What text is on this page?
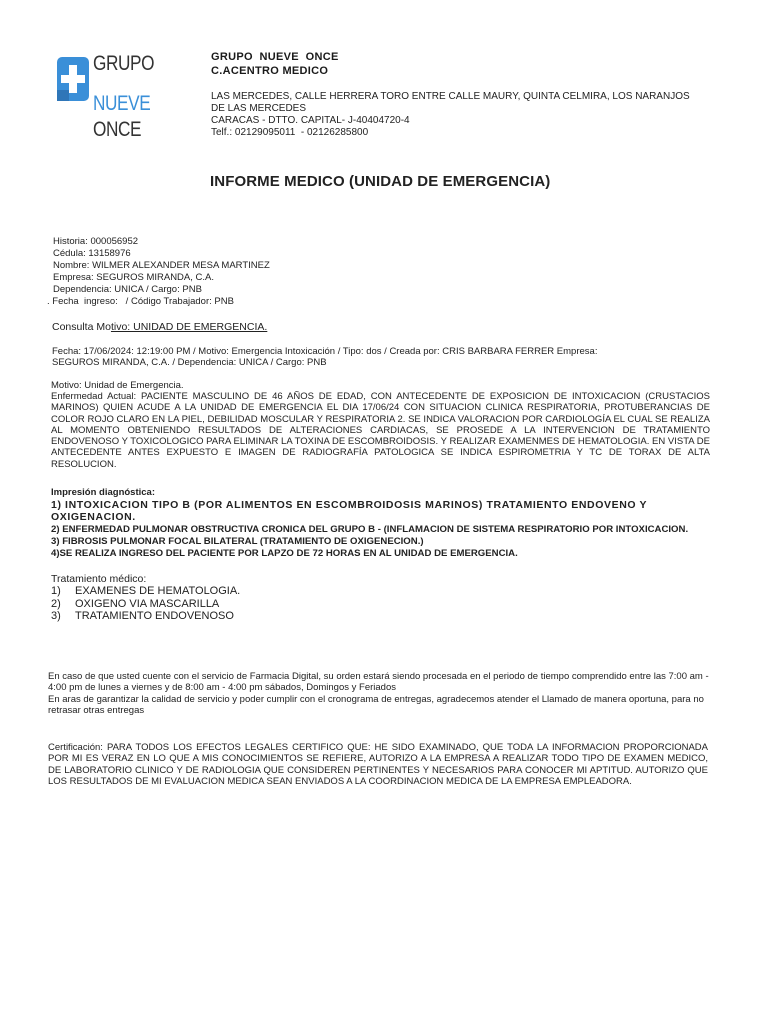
GRUPO
NUEVE
ONCE
GRUPO  NUEVE  ONCE
C.ACENTRO MEDICO
LAS MERCEDES, CALLE HERRERA TORO ENTRE CALLE MAURY, QUINTA CELMIRA, LOS NARANJOS
DE LAS MERCEDES
CARACAS - DTTO. CAPITAL- J-40404720-4
Telf.: 02129095011  - 02126285800
INFORME MEDICO (UNIDAD DE EMERGENCIA)
Historia: 000056952
Cédula: 13158976
Nombre: WILMER ALEXANDER MESA MARTINEZ
Empresa: SEGUROS MIRANDA, C.A.
Dependencia: UNICA / Cargo: PNB
. Fecha  ingreso:   / Código Trabajador: PNB
Consulta Motivo: UNIDAD DE EMERGENCIA.
Fecha: 17/06/2024: 12:19:00 PM / Motivo: Emergencia Intoxicación / Tipo: dos / Creada por: CRIS BARBARA FERRER Empresa:
SEGUROS MIRANDA, C.A. / Dependencia: UNICA / Cargo: PNB
Motivo: Unidad de Emergencia.
Enfermedad Actual: PACIENTE MASCULINO DE 46 AÑOS DE EDAD, CON ANTECEDENTE DE EXPOSICION DE INTOXICACION (CRUSTACIOS MARINOS) QUIEN ACUDE A LA UNIDAD DE EMERGENCIA EL DIA 17/06/24 CON SITUACION CLINICA RESPIRATORIA, PROTUBERANCIAS DE COLOR ROJO CLARO EN LA PIEL, DEBILIDAD MOSCULAR Y RESPIRATORIA 2. SE INDICA VALORACION POR CARDIOLOGÍA EL CUAL SE REALIZA AL MOMENTO OBTENIENDO RESULTADOS DE ALTERACIONES CARDIACAS, SE PROSEDE A LA INTERVENCION DE TRATAMIENTO ENDOVENOSO Y TOXICOLOGICO PARA ELIMINAR LA TOXINA DE ESCOMBROIDOSIS. Y REALIZAR EXAMENMES DE HEMATOLOGIA. EN VISTA DE ANTECEDENTE ANTES EXPUESTO E IMAGEN DE RADIOGRAFÍA PATOLOGICA SE INDICA ESPIROMETRIA Y TC DE TORAX DE ALTA RESOLUCION.
Impresión diagnóstica:
1) INTOXICACION TIPO B (POR ALIMENTOS EN ESCOMBROIDOSIS MARINOS) TRATAMIENTO ENDOVENO Y OXIGENACION.
2) ENFERMEDAD PULMONAR OBSTRUCTIVA CRONICA DEL GRUPO B - (INFLAMACION DE SISTEMA RESPIRATORIO POR INTOXICACION.
3) FIBROSIS PULMONAR FOCAL BILATERAL (TRATAMIENTO DE OXIGENECION.)
4)SE REALIZA INGRESO DEL PACIENTE POR LAPZO DE 72 HORAS EN AL UNIDAD DE EMERGENCIA.
Tratamiento médico:
1) EXAMENES DE HEMATOLOGIA.
2) OXIGENO VIA MASCARILLA
3) TRATAMIENTO ENDOVENOSO
En caso de que usted cuente con el servicio de Farmacia Digital, su orden estará siendo procesada en el periodo de tiempo comprendido entre las 7:00 am - 4:00 pm de lunes a viernes y de 8:00 am - 4:00 pm sábados, Domingos y Feriados
En aras de garantizar la calidad de servicio y poder cumplir con el cronograma de entregas, agradecemos atender el Llamado de manera oportuna, para no retrasar otras entregas
Certificación: PARA TODOS LOS EFECTOS LEGALES CERTIFICO QUE: HE SIDO EXAMINADO, QUE TODA LA INFORMACION PROPORCIONADA POR MI ES VERAZ EN LO QUE A MIS CONOCIMIENTOS SE REFIERE, AUTORIZO A LA EMPRESA A REALIZAR TODO TIPO DE EXAMEN MEDICO, DE LABORATORIO CLINICO Y DE RADIOLOGIA QUE CONSIDEREN PERTINENTES Y NECESARIOS PARA CONOCER MI APTITUD. AUTORIZO QUE LOS RESULTADOS DE MI EVALUACION MEDICA SEAN ENVIADOS A LA COORDINACION MEDICA DE LA EMPRESA EMPLEADORA.
